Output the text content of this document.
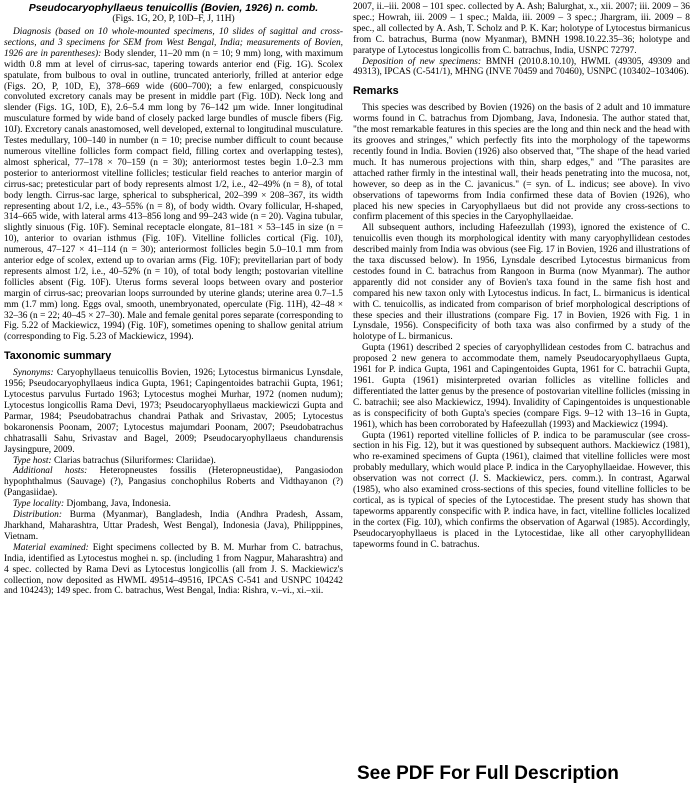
Pseudocaryophyllaeus tenuicollis (Bovien, 1926) n. comb.

(Figs. 1G, 2O, P, 10D–F, J, 11H)

Diagnosis (based on 10 whole-mounted specimens, 10 slides of sagittal and cross-sections, and 3 specimens for SEM from West Bengal, India; measurements of Bovien, 1926 are in parentheses): Body slender, 11–20 mm (n = 10; 9 mm) long, with maximum width 0.8 mm at level of cirrus-sac, tapering towards anterior end (Fig. 1G). Scolex spatulate, from bulbous to oval in outline, truncated anteriorly, frilled at anterior edge (Figs. 2O, P, 10D, E), 378–669 wide (600–700); a few enlarged, conspicuously convoluted excretory canals may be present in middle part (Fig. 10D). Neck long and slender (Figs. 1G, 10D, E), 2.6–5.4 mm long by 76–142 µm wide. Inner longitudinal musculature formed by wide band of closely packed large bundles of muscle fibers (Fig. 10J). Excretory canals anastomosed, well developed, external to longitudinal musculature. Testes medullary, 100–140 in number (n = 10; precise number difficult to count because numerous vitelline follicles form compact field, filling cortex and overlapping testes), almost spherical, 77–178 × 70–159 (n = 30); anteriormost testes begin 1.0–2.3 mm posterior to anteriormost vitelline follicles; testicular field reaches to anterior margin of cirrus-sac; pretesticular part of body represents almost 1/2, i.e., 42–49% (n = 8), of total body length. Cirrus-sac large, spherical to subspherical, 202–399 × 208–367, its width representing about 1/2, i.e., 43–55% (n = 8), of body width. Ovary follicular, H-shaped, 314–665 wide, with lateral arms 413–856 long and 99–243 wide (n = 20). Vagina tubular, slightly sinuous (Fig. 10F). Seminal receptacle elongate, 81–181 × 53–145 in size (n = 10), anterior to ovarian isthmus (Fig. 10F). Vitelline follicles cortical (Fig. 10J), numerous, 47–127 × 41–114 (n = 30); anteriormost follicles begin 5.0–10.1 mm from anterior edge of scolex, extend up to ovarian arms (Fig. 10F); previtellarian part of body represents almost 1/2, i.e., 40–52% (n = 10), of total body length; postovarian vitelline follicles absent (Fig. 10F). Uterus forms several loops between ovary and posterior margin of cirrus-sac; preovarian loops surrounded by uterine glands; uterine area 0.7–1.5 mm (1.7 mm) long. Eggs oval, smooth, unembryonated, operculate (Fig. 11H), 42–48 × 32–36 (n = 22; 40–45 × 27–30). Male and female genital pores separate (corresponding to Fig. 5.22 of Mackiewicz, 1994) (Fig. 10F), sometimes opening to shallow genital atrium (corresponding to Fig. 5.23 of Mackiewicz, 1994).

Taxonomic summary

Synonyms: Caryophyllaeus tenuicollis Bovien, 1926; Lytocestus birmanicus Lynsdale, 1956; Pseudocaryophyllaeus indica Gupta, 1961; Capingentoides batrachii Gupta, 1961; Lytocestus parvulus Furtado 1963; Lytocestus moghei Murhar, 1972 (nomen nudum); Lytocestus longicollis Rama Devi, 1973; Pseudocaryophyllaeus mackiewiczi Gupta and Parmar, 1984; Pseudobatrachus chandrai Pathak and Srivastav, 2005; Lytocestus bokaronensis Poonam, 2007; Lytocestus majumdari Poonam, 2007; Pseudobatrachus chhatrasalli Sahu, Srivastav and Bagel, 2009; Pseudocaryophyllaeus chandurensis Jaysingpure, 2009.

Type host: Clarias batrachus (Siluriformes: Clariidae).

Additional hosts: Heteropneustes fossilis (Heteropneustidae), Pangasiodon hypophthalmus (Sauvage) (?), Pangasius conchophilus Roberts and Vidthayanon (?) (Pangasiidae).

Type locality: Djombang, Java, Indonesia.

Distribution: Burma (Myanmar), Bangladesh, India (Andhra Pradesh, Assam, Jharkhand, Maharashtra, Uttar Pradesh, West Bengal), Indonesia (Java), Philipppines, Vietnam.

Material examined: Eight specimens collected by B. M. Murhar from C. batrachus, India, identified as Lytocestus moghei n. sp. (including 1 from Nagpur, Maharashtra) and 4 spec. collected by Rama Devi as Lytocestus longicollis (all from J. S. Mackiewicz's collection, now deposited as HWML 49514–49516, IPCAS C-541 and USNPC 104242 and 104243); 149 spec. from C. batrachus, West Bengal, India: Rishra, v.–vi., xi.–xii.

2007, ii.–iii. 2008 – 101 spec. collected by A. Ash; Balurghat, x., xii. 2007; iii. 2009 – 36 spec.; Howrah, iii. 2009 – 1 spec.; Malda, iii. 2009 – 3 spec.; Jhargram, iii. 2009 – 8 spec., all collected by A. Ash, T. Scholz and P. K. Kar; holotype of Lytocestus birmanicus from C. batrachus, Burma (now Myanmar), BMNH 1998.10.22.35–36; holotype and paratype of Lytocestus longicollis from C. batrachus, India, USNPC 72797.

Deposition of new specimens: BMNH (2010.8.10.10), HWML (49305, 49309 and 49313), IPCAS (C-541/1), MHNG (INVE 70459 and 70460), USNPC (103402–103406).

Remarks

This species was described by Bovien (1926) on the basis of 2 adult and 10 immature worms found in C. batrachus from Djombang, Java, Indonesia. The author stated that, "the most remarkable features in this species are the long and thin neck and the head with its grooves and stringes," which perfectly fits into the morphology of the tapeworms recently found in India. Bovien (1926) also observed that, "The shape of the head varied much. It has numerous projections with thin, sharp edges," and "The parasites are attached rather firmly in the intestinal wall, their heads penetrating into the mucosa, not, however, so deep as in the C. javanicus." (= syn. of L. indicus; see above). In vivo observations of tapeworms from India confirmed these data of Bovien (1926), who placed his new species in Caryophyllaeus but did not provide any cross-sections to confirm placement of this species in the Caryophyllaeidae.

All subsequent authors, including Hafeezullah (1993), ignored the existence of C. tenuicollis even though its morphological identity with many caryophyllidean cestodes described mainly from India was obvious (see Fig. 17 in Bovien, 1926 and illustrations of the taxa discussed below). In 1956, Lynsdale described Lytocestus birmanicus from cestodes found in C. batrachus from Rangoon in Burma (now Myanmar). The author apparently did not consider any of Bovien's taxa found in the same fish host and compared his new taxon only with Lytocestus indicus. In fact, L. birmanicus is identical with C. tenuicollis, as indicated from comparison of brief morphological descriptions of these species and their illustrations (compare Fig. 17 in Bovien, 1926 with Fig. 1 in Lynsdale, 1956). Conspecificity of both taxa was also confirmed by a study of the holotype of L. birmanicus.

Gupta (1961) described 2 species of caryophyllidean cestodes from C. batrachus and proposed 2 new genera to accommodate them, namely Pseudocaryophyllaeus Gupta, 1961 for P. indica Gupta, 1961 and Capingentoides Gupta, 1961 for C. batrachii Gupta, 1961. Gupta (1961) misinterpreted ovarian follicles as vitelline follicles and differentiated the latter genus by the presence of postovarian vitelline follicles (missing in C. batrachii; see also Mackiewicz, 1994). Invalidity of Capingentoides is unquestionable as is conspecificity of both Gupta's species (compare Figs. 9–12 with 13–16 in Gupta, 1961), which has been corroborated by Hafeezullah (1993) and Mackiewicz (1994).

Gupta (1961) reported vitelline follicles of P. indica to be paramuscular (see cross-section in his Fig. 12), but it was questioned by subsequent authors. Mackiewicz (1981), who re-examined specimens of Gupta (1961), claimed that vitelline follicles were most probably medullary, which would place P. indica in the Caryophyllaeidae. However, this observation was not correct (J. S. Mackiewicz, pers. comm.). In contrast, Agarwal (1985), who also examined cross-sections of this species, found vitelline follicles to be cortical, as is typical of species of the Lytocestidae. The present study has shown that tapeworms apparently conspecific with P. indica have, in fact, vitelline follicles localized in the cortex (Fig. 10J), which confirms the observation of Agarwal (1985). Accordingly, Pseudocaryophyllaeus is placed in the Lytocestidae, like all other caryophyllidean tapeworms found in C. batrachus.

See PDF For Full Description
